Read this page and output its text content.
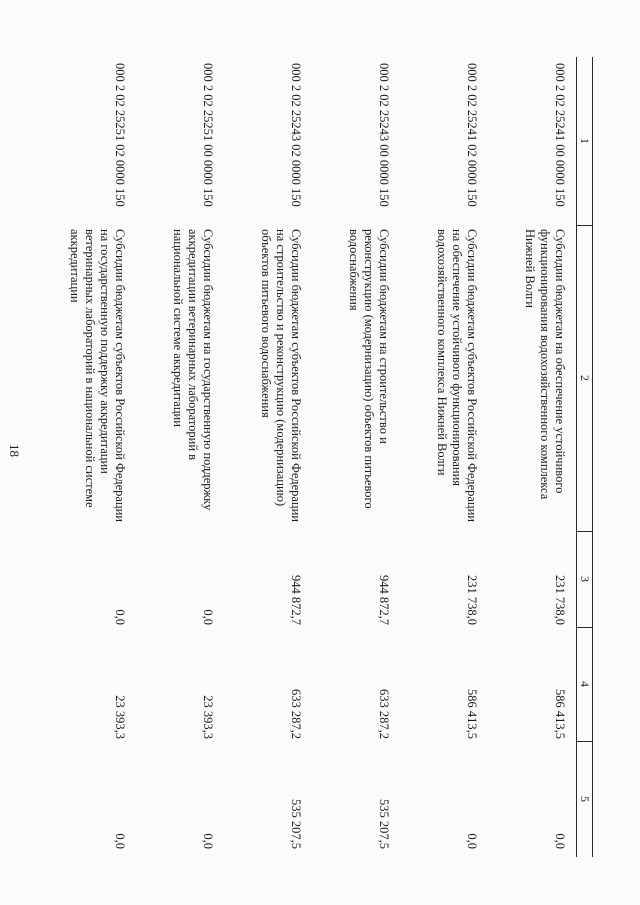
18
1
2
3
4
5
000 2 02 25241 00 0000 150
Субсидии бюджетам на обеспечение устойчивого функционирования водохозяйственного комплекса Нижней Волги
231 738,0
586 413,5
0,0
000 2 02 25241 02 0000 150
Субсидии бюджетам субъектов Российской Федерации на обеспечение устойчивого функционирования водохозяйственного комплекса Нижней Волги
231 738,0
586 413,5
0,0
000 2 02 25243 00 0000 150
Субсидии бюджетам на строительство и реконструкцию (модернизацию) объектов питьевого водоснабжения
944 872,7
633 287,2
535 207,5
000 2 02 25243 02 0000 150
Субсидии бюджетам субъектов Российской Федерации на строительство и реконструкцию (модернизацию) объектов питьевого водоснабжения
944 872,7
633 287,2
535 207,5
000 2 02 25251 00 0000 150
Субсидии бюджетам на государственную поддержку аккредитации ветеринарных лабораторий в национальной системе аккредитации
0,0
23 393,3
0,0
000 2 02 25251 02 0000 150
Субсидии бюджетам субъектов Российской Федерации на государственную поддержку аккредитации ветеринарных лабораторий в национальной системе аккредитации
0,0
23 393,3
0,0
